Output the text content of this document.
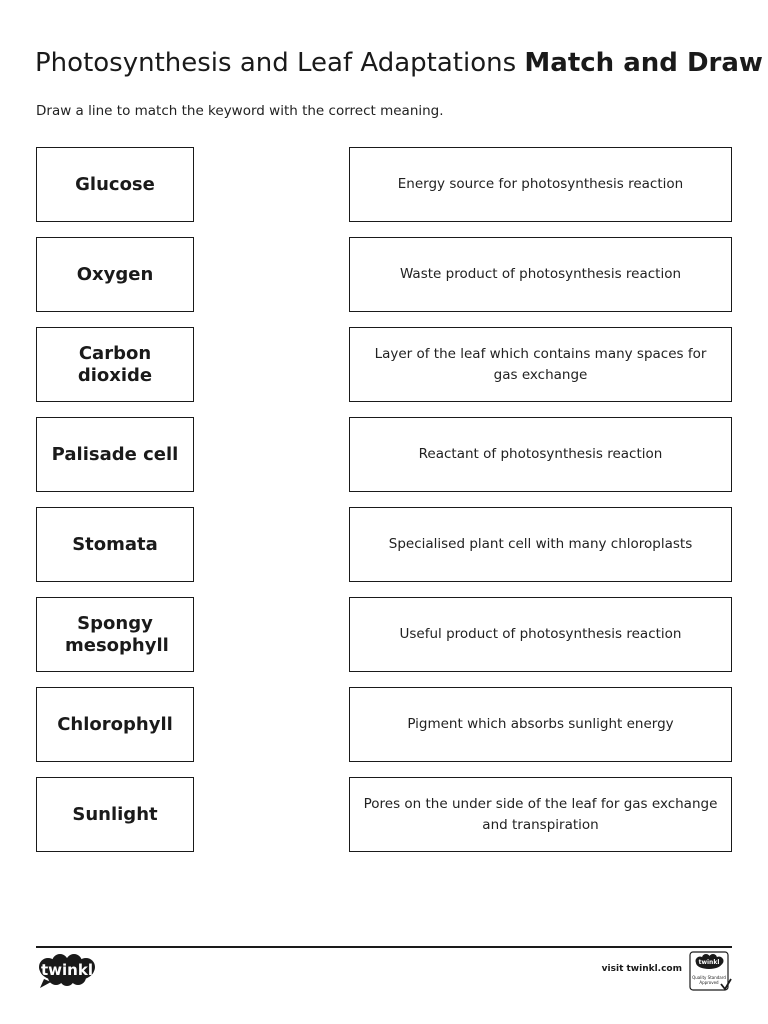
Photosynthesis and Leaf Adaptations Match and Draw
Draw a line to match the keyword with the correct meaning.
Glucose
Oxygen
Carbon dioxide
Palisade cell
Stomata
Spongy mesophyll
Chlorophyll
Sunlight
Energy source for photosynthesis reaction
Waste product of photosynthesis reaction
Layer of the leaf which contains many spaces for gas exchange
Reactant of photosynthesis reaction
Specialised plant cell with many chloroplasts
Useful product of photosynthesis reaction
Pigment which absorbs sunlight energy
Pores on the under side of the leaf for gas exchange and transpiration
twinkl	visit twinkl.com
twinkl
Quality Standard Approved
